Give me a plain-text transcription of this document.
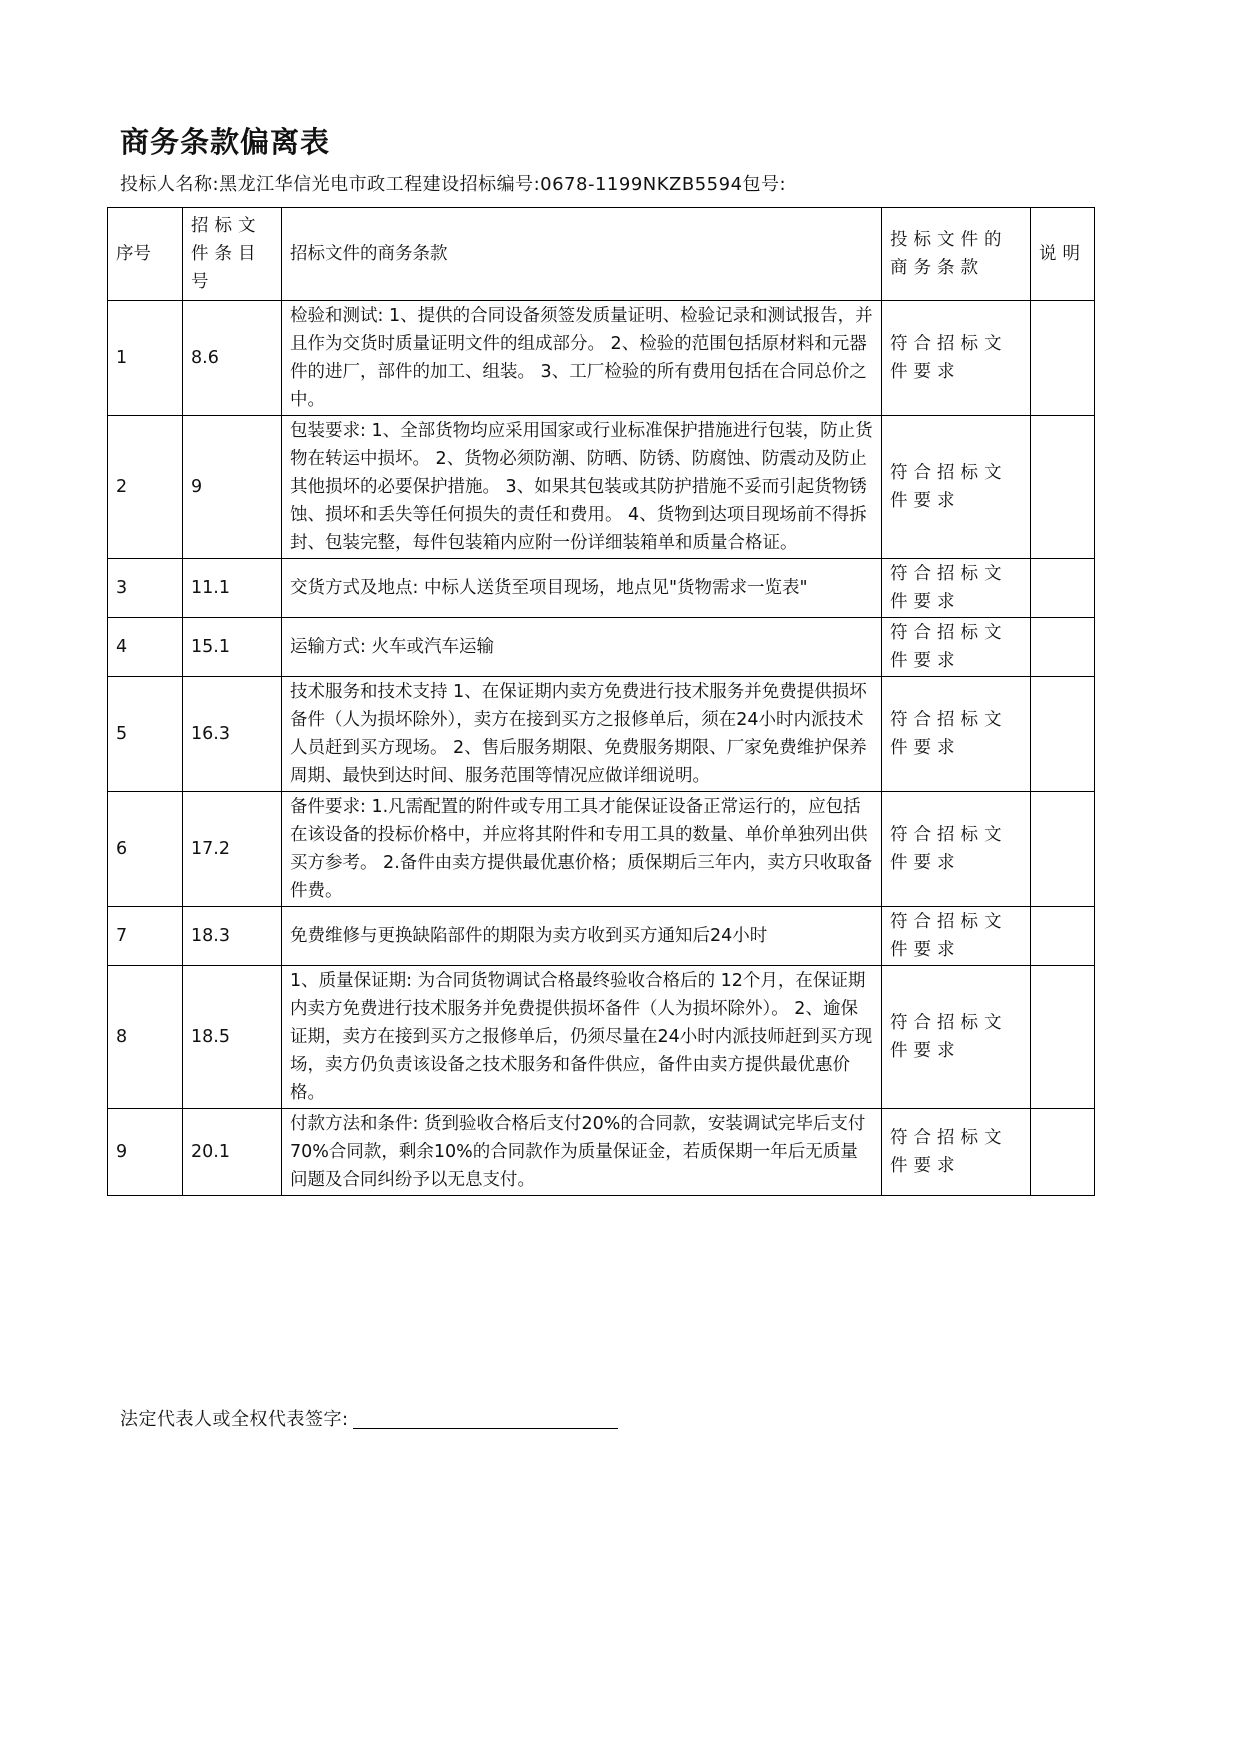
商务条款偏离表
投标人名称:黑龙江华信光电市政工程建设招标编号:0678-1199NKZB5594包号:
序号	招标文件条目号	招标文件的商务条款	投标文件的商务条款	说明
1	8.6	检验和测试: 1、提供的合同设备须签发质量证明、检验记录和测试报告，并且作为交货时质量证明文件的组成部分。 2、检验的范围包括原材料和元器件的进厂，部件的加工、组装。 3、工厂检验的所有费用包括在合同总价之中。	符合招标文件要求	
2	9	包装要求: 1、全部货物均应采用国家或行业标准保护措施进行包装，防止货物在转运中损坏。 2、货物必须防潮、防晒、防锈、防腐蚀、防震动及防止其他损坏的必要保护措施。 3、如果其包装或其防护措施不妥而引起货物锈蚀、损坏和丢失等任何损失的责任和费用。 4、货物到达项目现场前不得拆封、包装完整，每件包装箱内应附一份详细装箱单和质量合格证。	符合招标文件要求	
3	11.1	交货方式及地点: 中标人送货至项目现场，地点见"货物需求一览表"	符合招标文件要求	
4	15.1	运输方式: 火车或汽车运输	符合招标文件要求	
5	16.3	技术服务和技术支持 1、在保证期内卖方免费进行技术服务并免费提供损坏备件（人为损坏除外），卖方在接到买方之报修单后，须在24小时内派技术人员赶到买方现场。 2、售后服务期限、免费服务期限、厂家免费维护保养周期、最快到达时间、服务范围等情况应做详细说明。	符合招标文件要求	
6	17.2	备件要求: 1.凡需配置的附件或专用工具才能保证设备正常运行的，应包括在该设备的投标价格中，并应将其附件和专用工具的数量、单价单独列出供买方参考。 2.备件由卖方提供最优惠价格；质保期后三年内，卖方只收取备件费。	符合招标文件要求	
7	18.3	免费维修与更换缺陷部件的期限为卖方收到买方通知后24小时	符合招标文件要求	
8	18.5	1、质量保证期: 为合同货物调试合格最终验收合格后的 12个月，在保证期内卖方免费进行技术服务并免费提供损坏备件（人为损坏除外）。 2、逾保证期，卖方在接到买方之报修单后，仍须尽量在24小时内派技师赶到买方现场，卖方仍负责该设备之技术服务和备件供应，备件由卖方提供最优惠价格。	符合招标文件要求	
9	20.1	付款方法和条件: 货到验收合格后支付20%的合同款，安装调试完毕后支付70%合同款，剩余10%的合同款作为质量保证金，若质保期一年后无质量问题及合同纠纷予以无息支付。	符合招标文件要求	
法定代表人或全权代表签字:
